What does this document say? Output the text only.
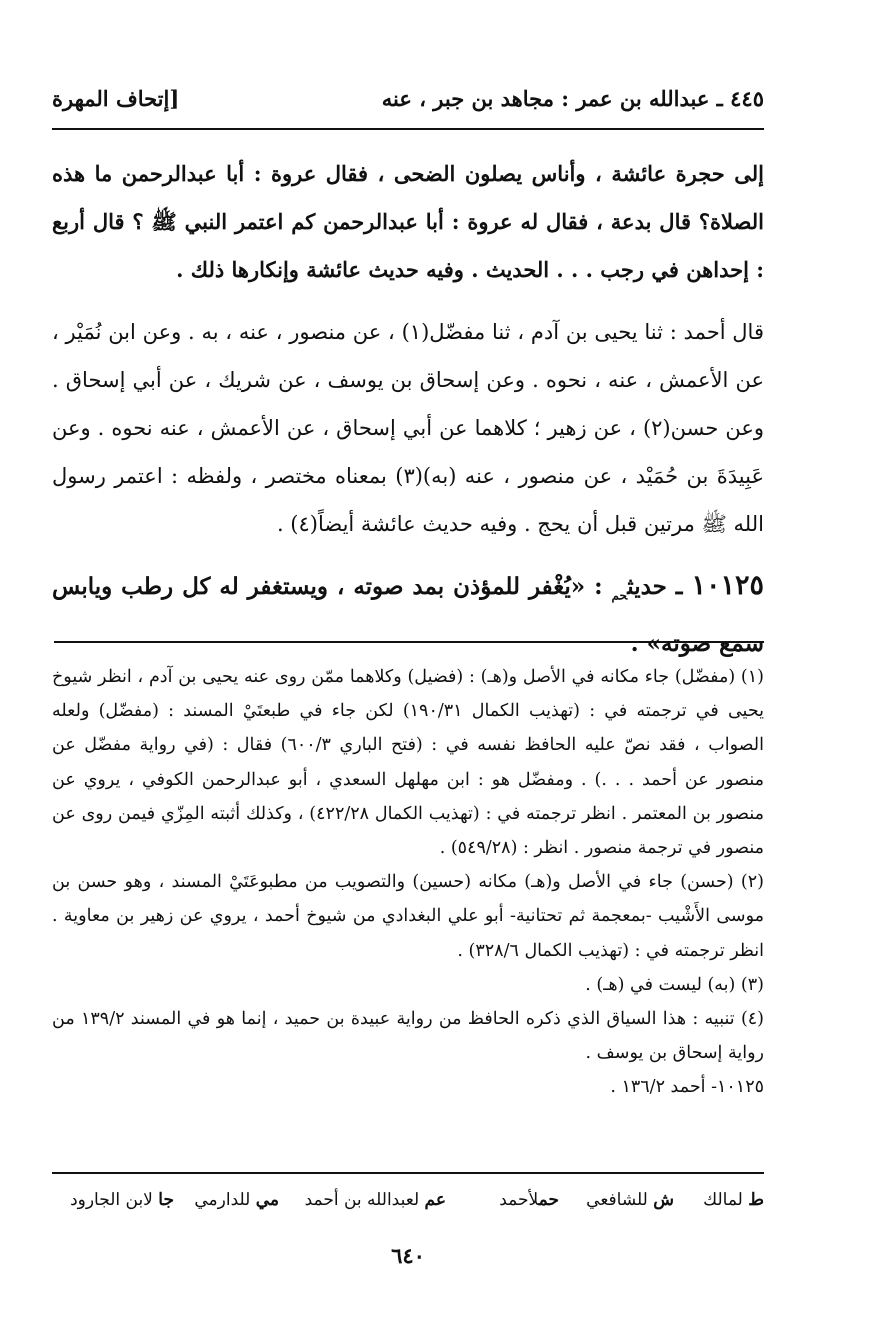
٤٤٥ ـ عبدالله بن عمر : مجاهد بن جبر ، عنه
[إتحاف المهرة

إلى حجرة عائشة ، وأناس يصلون الضحى ، فقال عروة : أبا عبدالرحمن ما هذه الصلاة؟ قال بدعة ، فقال له عروة : أبا عبدالرحمن كم اعتمر النبي ﷺ ؟ قال أربع : إحداهن في رجب . . . الحديث . وفيه حديث عائشة وإنكارها ذلك .

قال أحمد : ثنا يحيى بن آدم ، ثنا مفضّل(١) ، عن منصور ، عنه ، به . وعن ابن نُمَيْر ، عن الأعمش ، عنه ، نحوه . وعن إسحاق بن يوسف ، عن شريك ، عن أبي إسحاق . وعن حسن(٢) ، عن زهير ؛ كلاهما عن أبي إسحاق ، عن الأعمش ، عنه نحوه . وعن عَبِيدَةَ بن حُمَيْد ، عن منصور ، عنه (به)(٣) بمعناه مختصر ، ولفظه : اعتمر رسول الله ﷺ مرتين قبل أن يحج . وفيه حديث عائشة أيضاً(٤) .

١٠١٢٥ ـ حديث$_{حم}$ : «يُغْفر للمؤذن بمد صوته ، ويستغفر له كل رطب ويابس سمع صوته» .

(١) (مفضّل) جاء مكانه في الأصل و(هـ) : (فضيل) وكلاهما ممّن روى عنه يحيى بن آدم ، انظر شيوخ يحيى في ترجمته في : (تهذيب الكمال ١٩٠/٣١) لكن جاء في طبعتَيْ المسند : (مفضّل) ولعله الصواب ، فقد نصّ عليه الحافظ نفسه في : (فتح الباري ٦٠٠/٣) فقال : (في رواية مفضّل عن منصور عن أحمد . . .) . ومفضّل هو : ابن مهلهل السعدي ، أبو عبدالرحمن الكوفي ، يروي عن منصور بن المعتمر . انظر ترجمته في : (تهذيب الكمال ٤٢٢/٢٨) ، وكذلك أثبته المِزّي فيمن روى عن منصور في ترجمة منصور . انظر : (٥٤٩/٢٨) .

(٢) (حسن) جاء في الأصل و(هـ) مكانه (حسين) والتصويب من مطبوعَتَيْ المسند ، وهو حسن بن موسى الأَشْيب -بمعجمة ثم تحتانية- أبو علي البغدادي من شيوخ أحمد ، يروي عن زهير بن معاوية . انظر ترجمته في : (تهذيب الكمال ٣٢٨/٦) .

(٣) (به) ليست في (هـ) .

(٤) تنبيه : هذا السياق الذي ذكره الحافظ من رواية عبيدة بن حميد ، إنما هو في المسند ١٣٩/٢ من رواية إسحاق بن يوسف .

١٠١٢٥- أحمد ١٣٦/٢ .

ط لمالك
ش للشافعي
حملأحمد
عم لعبدالله بن أحمد
مي للدارمي
جا لابن الجارود
٦٤٠
